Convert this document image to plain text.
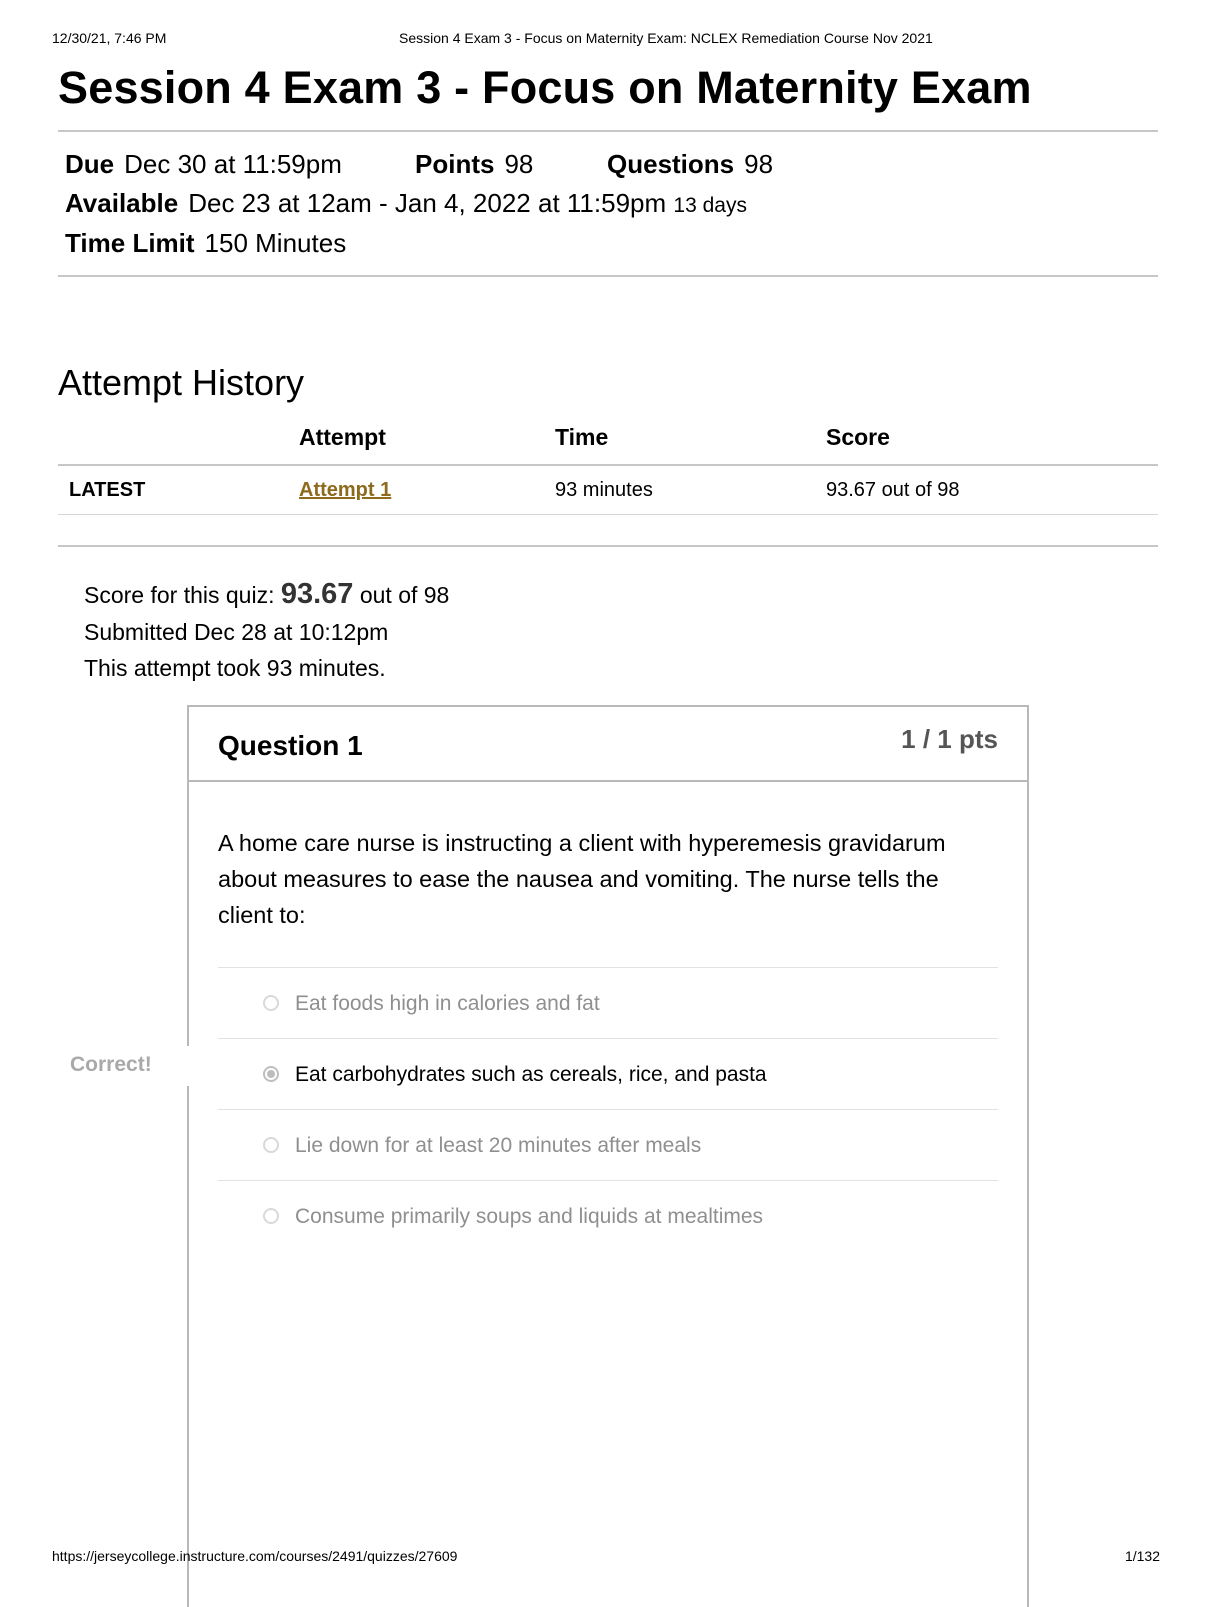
12/30/21, 7:46 PM	Session 4 Exam 3 - Focus on Maternity Exam: NCLEX Remediation Course Nov 2021
Session 4 Exam 3 - Focus on Maternity Exam
Due Dec 30 at 11:59pm	Points 98	Questions 98
Available Dec 23 at 12am - Jan 4, 2022 at 11:59pm 13 days
Time Limit 150 Minutes
Attempt History
	Attempt	Time	Score
LATEST	Attempt 1	93 minutes	93.67 out of 98
Score for this quiz: 93.67 out of 98
Submitted Dec 28 at 10:12pm
This attempt took 93 minutes.
Question 1	1 / 1 pts
A home care nurse is instructing a client with hyperemesis gravidarum about measures to ease the nausea and vomiting. The nurse tells the client to:
Eat foods high in calories and fat
Eat carbohydrates such as cereals, rice, and pasta
Lie down for at least 20 minutes after meals
Consume primarily soups and liquids at mealtimes
Correct!
https://jerseycollege.instructure.com/courses/2491/quizzes/27609	1/132
